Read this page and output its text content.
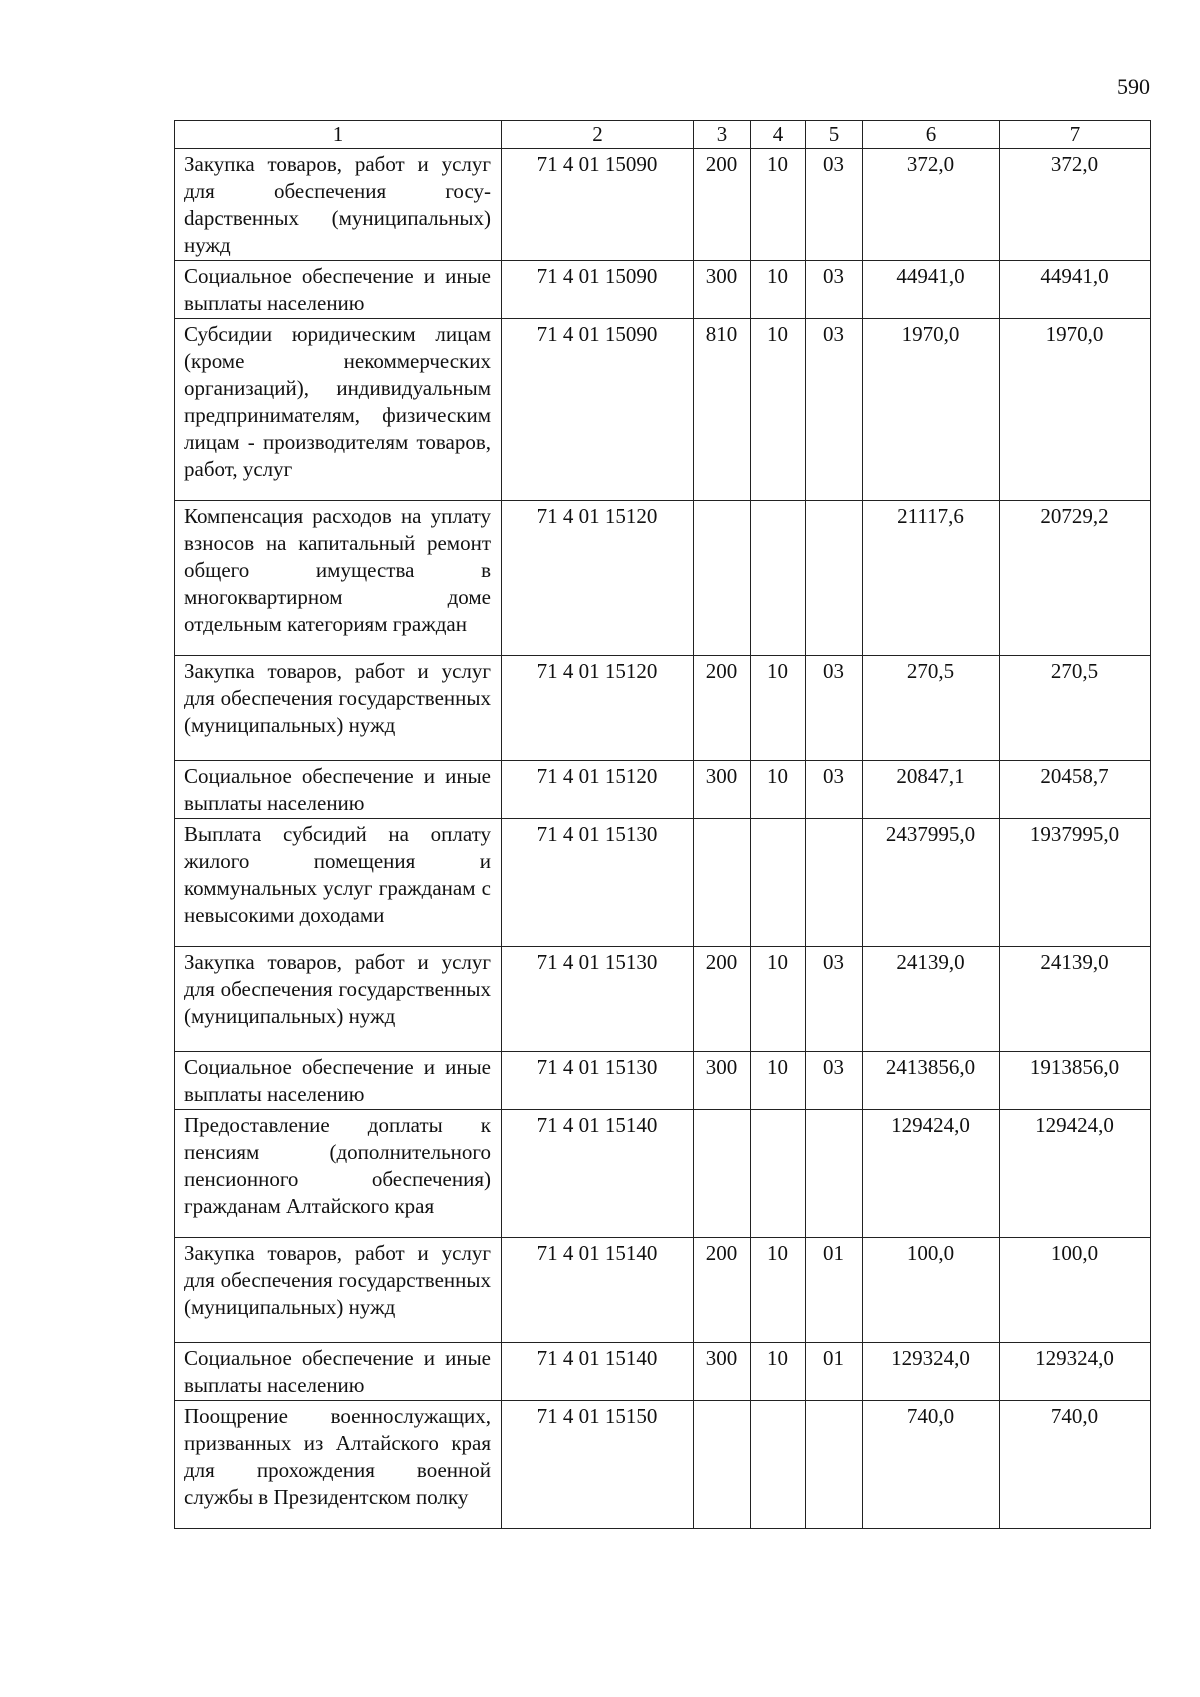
590
1	2	3	4	5	6	7
Закупка товаров, работ и услуг для обеспечения госуdарственных (муниципальных) нужд	71 4 01 15090	200	10	03	372,0	372,0
Социальное обеспечение и иные выплаты населению	71 4 01 15090	300	10	03	44941,0	44941,0
Субсидии юридическим лицам (кроме некоммерческих организаций), индивидуальным предпринимателям, физическим лицам - производителям товаров, работ, услуг	71 4 01 15090	810	10	03	1970,0	1970,0
Компенсация расходов на уплату взносов на капитальный ремонт общего имущества в многоквартирном доме отдельным категориям граждан	71 4 01 15120				21117,6	20729,2
Закупка товаров, работ и услуг для обеспечения государственных (муниципальных) нужд	71 4 01 15120	200	10	03	270,5	270,5
Социальное обеспечение и иные выплаты населению	71 4 01 15120	300	10	03	20847,1	20458,7
Выплата субсидий на оплату жилого помещения и коммунальных услуг гражданам с невысокими доходами	71 4 01 15130				2437995,0	1937995,0
Закупка товаров, работ и услуг для обеспечения государственных (муниципальных) нужд	71 4 01 15130	200	10	03	24139,0	24139,0
Социальное обеспечение и иные выплаты населению	71 4 01 15130	300	10	03	2413856,0	1913856,0
Предоставление доплаты к пенсиям (дополнительного пенсионного обеспечения) гражданам Алтайского края	71 4 01 15140				129424,0	129424,0
Закупка товаров, работ и услуг для обеспечения государственных (муниципальных) нужд	71 4 01 15140	200	10	01	100,0	100,0
Социальное обеспечение и иные выплаты населению	71 4 01 15140	300	10	01	129324,0	129324,0
Поощрение военнослужащих, призванных из Алтайского края для прохождения военной службы в Президентском полку	71 4 01 15150				740,0	740,0
